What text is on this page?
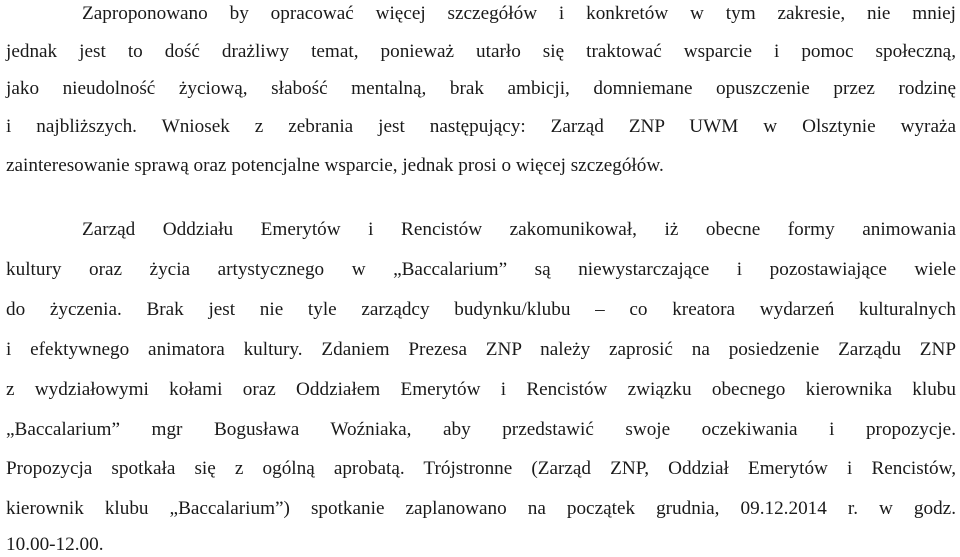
Zaproponowano by opracować więcej szczegółów i konkretów w tym zakresie, nie mniej
jednak jest to dość drażliwy temat, ponieważ utarło się traktować wsparcie i pomoc społeczną,
jako nieudolność życiową, słabość mentalną, brak ambicji, domniemane opuszczenie przez rodzinę
i najbliższych. Wniosek z zebrania jest następujący: Zarząd ZNP UWM w Olsztynie wyraża
zainteresowanie sprawą oraz potencjalne wsparcie, jednak prosi o więcej szczegółów.
Zarząd Oddziału Emerytów i Rencistów zakomunikował, iż obecne formy animowania
kultury oraz życia artystycznego w „Baccalarium” są niewystarczające i pozostawiające wiele
do życzenia. Brak jest nie tyle zarządcy budynku/klubu – co kreatora wydarzeń kulturalnych
i efektywnego animatora kultury. Zdaniem Prezesa ZNP należy zaprosić na posiedzenie Zarządu ZNP
z wydziałowymi kołami oraz Oddziałem Emerytów i Rencistów związku obecnego kierownika klubu
„Baccalarium” mgr Bogusława Woźniaka, aby przedstawić swoje oczekiwania i propozycje.
Propozycja spotkała się z ogólną aprobatą. Trójstronne (Zarząd ZNP, Oddział Emerytów i Rencistów,
kierownik klubu „Baccalarium”) spotkanie zaplanowano na początek grudnia, 09.12.2014 r. w godz.
10.00-12.00.
